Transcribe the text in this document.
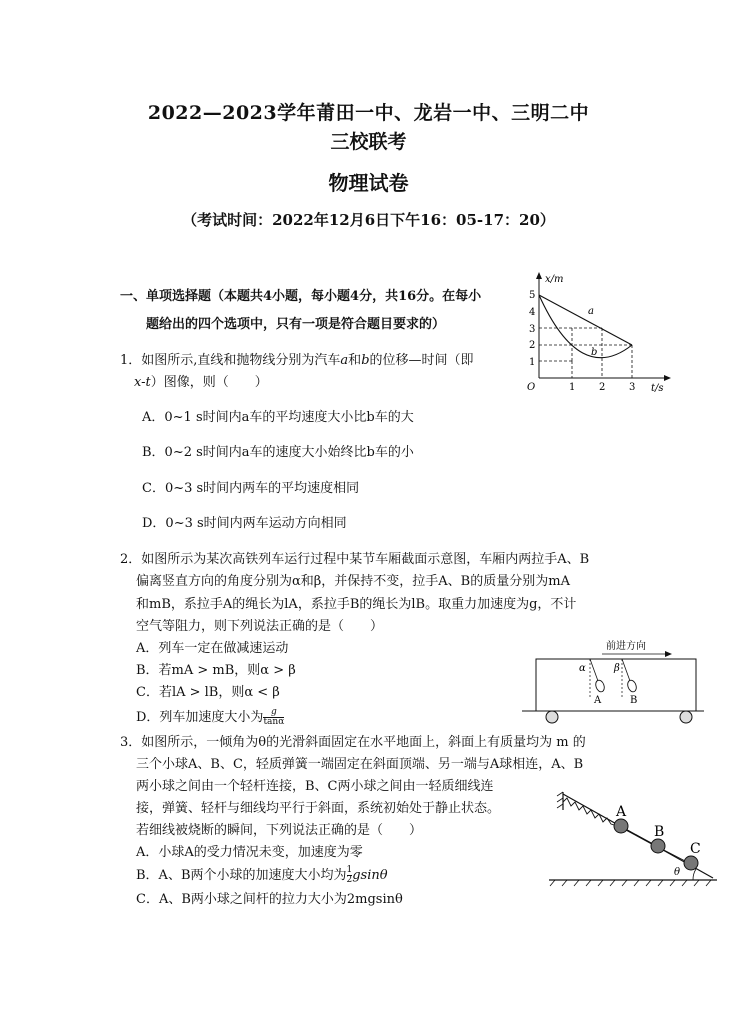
2022—2023学年莆田一中、龙岩一中、三明二中
三校联考
物理试卷
（考试时间：2022年12月6日下午16：05-17：20）
一、单项选择题（本题共4小题，每小题4分，共16分。在每小
题给出的四个选项中，只有一项是符合题目要求的）
1．如图所示,直线和抛物线分别为汽车a和b的位移—时间（即
x-t）图像，则（　　）
A．0~1 s时间内a车的平均速度大小比b车的大
B．0~2 s时间内a车的速度大小始终比b车的小
C．0~3 s时间内两车的平均速度相同
D．0~3 s时间内两车运动方向相同
x/m
t/s
O
1
2
3
4
5
1 2 3
a
b
2．如图所示为某次高铁列车运行过程中某节车厢截面示意图，车厢内两拉手A、B
偏离竖直方向的角度分别为α和β，并保持不变，拉手A、B的质量分别为mA
和mB，系拉手A的绳长为lA，系拉手B的绳长为lB。取重力加速度为g，不计
空气等阻力，则下列说法正确的是（　　）
A．列车一定在做减速运动
B．若mA > mB，则α > β
C．若lA > lB，则α < β
D．列车加速度大小为 $\frac{g}{\tan\alpha}$
前进方向
α
A
β
B
3．如图所示，一倾角为θ的光滑斜面固定在水平地面上，斜面上有质量均为 m 的
三个小球A、B、C，轻质弹簧一端固定在斜面顶端、另一端与A球相连，A、B
两小球之间由一个轻杆连接，B、C两小球之间由一轻质细线连
接，弹簧、轻杆与细线均平行于斜面，系统初始处于静止状态。
若细线被烧断的瞬间，下列说法正确的是（　　）
A．小球A的受力情况未变，加速度为零
B．A、B两个小球的加速度大小均为 $\frac{1}{2}$ gsinθ
C．A、B两小球之间杆的拉力大小为2mgsinθ
A
B
C
θ
